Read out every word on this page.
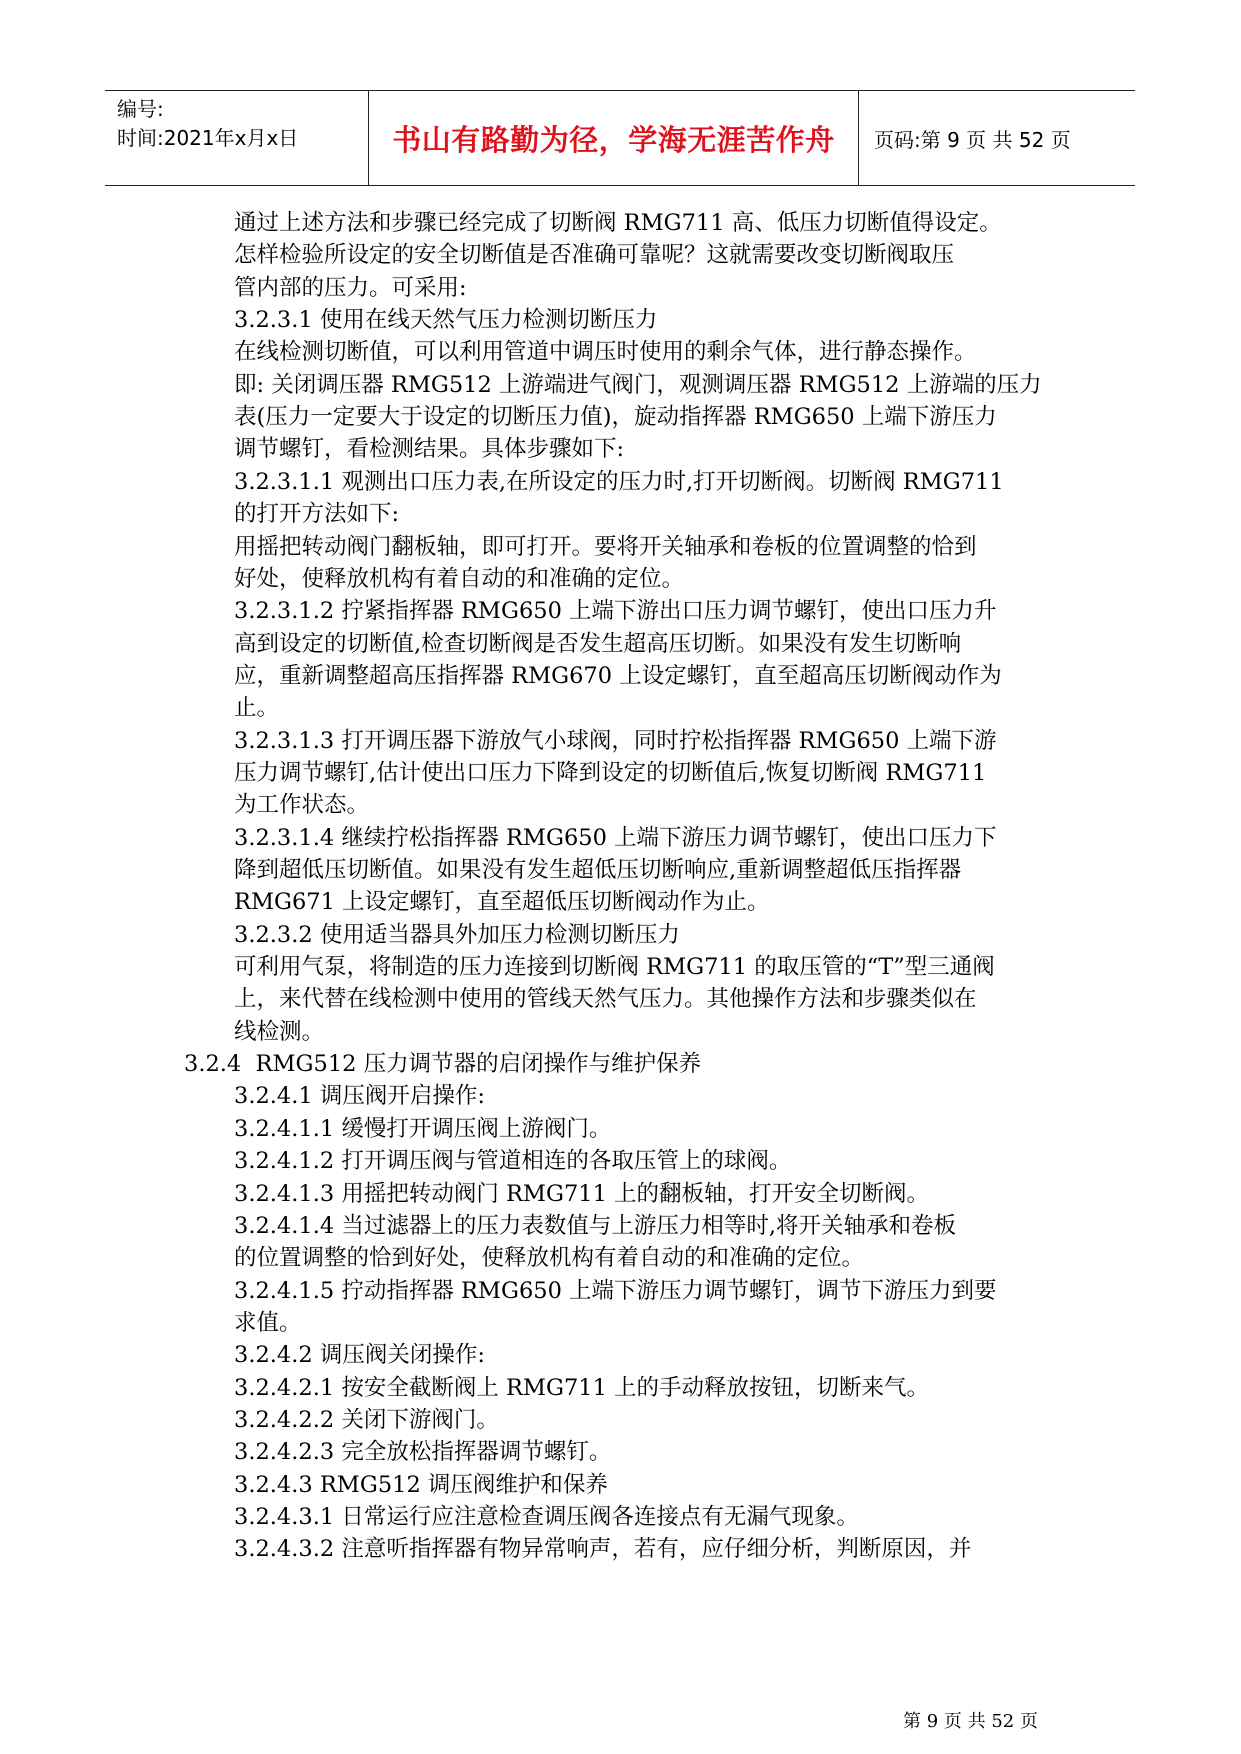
编号:
时间:2021年x月x日	书山有路勤为径，学海无涯苦作舟 页码:第 9 页 共 52 页
通过上述方法和步骤已经完成了切断阀 RMG711 高、低压力切断值得设定。
怎样检验所设定的安全切断值是否准确可靠呢？这就需要改变切断阀取压
管内部的压力。可采用:
3.2.3.1 使用在线天然气压力检测切断压力
在线检测切断值，可以利用管道中调压时使用的剩余气体，进行静态操作。
即: 关闭调压器 RMG512 上游端进气阀门，观测调压器 RMG512 上游端的压力
表(压力一定要大于设定的切断压力值)，旋动指挥器 RMG650 上端下游压力
调节螺钉，看检测结果。具体步骤如下:
3.2.3.1.1 观测出口压力表,在所设定的压力时,打开切断阀。切断阀 RMG711
的打开方法如下:
用摇把转动阀门翻板轴，即可打开。要将开关轴承和卷板的位置调整的恰到
好处，使释放机构有着自动的和准确的定位。
3.2.3.1.2 拧紧指挥器 RMG650 上端下游出口压力调节螺钉，使出口压力升
高到设定的切断值,检查切断阀是否发生超高压切断。如果没有发生切断响
应，重新调整超高压指挥器 RMG670 上设定螺钉，直至超高压切断阀动作为
止。
3.2.3.1.3 打开调压器下游放气小球阀，同时拧松指挥器 RMG650 上端下游
压力调节螺钉,估计使出口压力下降到设定的切断值后,恢复切断阀 RMG711
为工作状态。
3.2.3.1.4 继续拧松指挥器 RMG650 上端下游压力调节螺钉，使出口压力下
降到超低压切断值。如果没有发生超低压切断响应,重新调整超低压指挥器
RMG671 上设定螺钉，直至超低压切断阀动作为止。
3.2.3.2 使用适当器具外加压力检测切断压力
可利用气泵，将制造的压力连接到切断阀 RMG711 的取压管的“T”型三通阀
上，来代替在线检测中使用的管线天然气压力。其他操作方法和步骤类似在
线检测。
3.2.4  RMG512 压力调节器的启闭操作与维护保养
3.2.4.1 调压阀开启操作:
3.2.4.1.1 缓慢打开调压阀上游阀门。
3.2.4.1.2 打开调压阀与管道相连的各取压管上的球阀。
3.2.4.1.3 用摇把转动阀门 RMG711 上的翻板轴，打开安全切断阀。
3.2.4.1.4 当过滤器上的压力表数值与上游压力相等时,将开关轴承和卷板
的位置调整的恰到好处，使释放机构有着自动的和准确的定位。
3.2.4.1.5 拧动指挥器 RMG650 上端下游压力调节螺钉，调节下游压力到要
求值。
3.2.4.2 调压阀关闭操作:
3.2.4.2.1 按安全截断阀上 RMG711 上的手动释放按钮，切断来气。
3.2.4.2.2 关闭下游阀门。
3.2.4.2.3 完全放松指挥器调节螺钉。
3.2.4.3 RMG512 调压阀维护和保养
3.2.4.3.1 日常运行应注意检查调压阀各连接点有无漏气现象。
3.2.4.3.2 注意听指挥器有物异常响声，若有，应仔细分析，判断原因，并
第 9 页 共 52 页
